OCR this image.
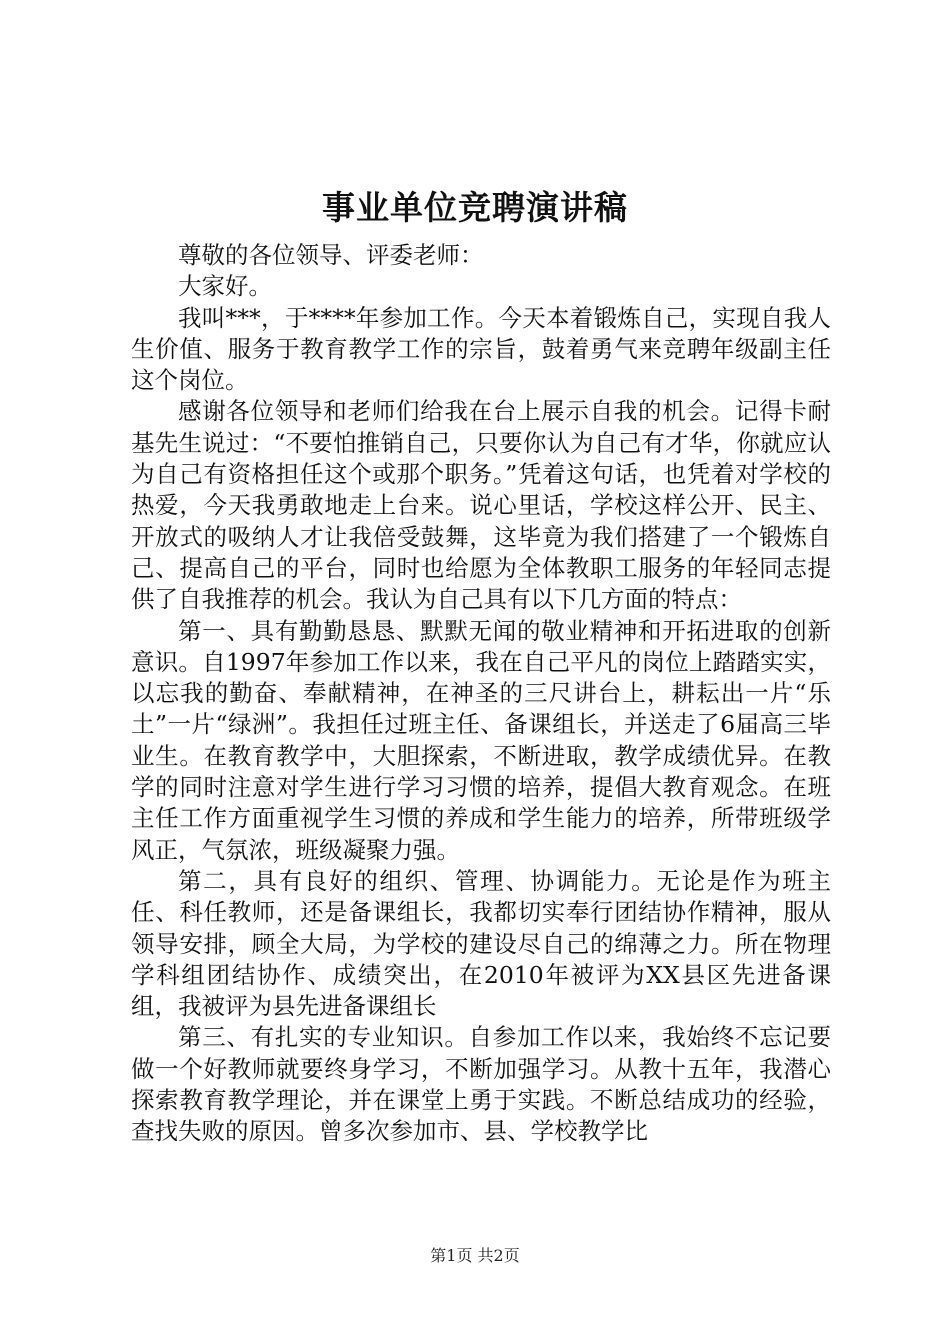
事业单位竞聘演讲稿

尊敬的各位领导、评委老师：

大家好。

我叫***，于****年参加工作。今天本着锻炼自己，实现自我人生价值、服务于教育教学工作的宗旨，鼓着勇气来竞聘年级副主任这个岗位。

感谢各位领导和老师们给我在台上展示自我的机会。记得卡耐基先生说过：“不要怕推销自己，只要你认为自己有才华，你就应认为自己有资格担任这个或那个职务。”凭着这句话，也凭着对学校的热爱，今天我勇敢地走上台来。说心里话，学校这样公开、民主、开放式的吸纳人才让我倍受鼓舞，这毕竟为我们搭建了一个锻炼自己、提高自己的平台，同时也给愿为全体教职工服务的年轻同志提供了自我推荐的机会。我认为自己具有以下几方面的特点：

第一、具有勤勤恳恳、默默无闻的敬业精神和开拓进取的创新意识。自1997年参加工作以来，我在自己平凡的岗位上踏踏实实，以忘我的勤奋、奉献精神，在神圣的三尺讲台上，耕耘出一片“乐土”一片“绿洲”。我担任过班主任、备课组长，并送走了6届高三毕业生。在教育教学中，大胆探索，不断进取，教学成绩优异。在教学的同时注意对学生进行学习习惯的培养，提倡大教育观念。在班主任工作方面重视学生习惯的养成和学生能力的培养，所带班级学风正，气氛浓，班级凝聚力强。

第二，具有良好的组织、管理、协调能力。无论是作为班主任、科任教师，还是备课组长，我都切实奉行团结协作精神，服从领导安排，顾全大局，为学校的建设尽自己的绵薄之力。所在物理学科组团结协作、成绩突出，在2010年被评为XX县区先进备课组，我被评为县先进备课组长

第三、有扎实的专业知识。自参加工作以来，我始终不忘记要做一个好教师就要终身学习，不断加强学习。从教十五年，我潜心探索教育教学理论，并在课堂上勇于实践。不断总结成功的经验，查找失败的原因。曾多次参加市、县、学校教学比

第1页 共2页
